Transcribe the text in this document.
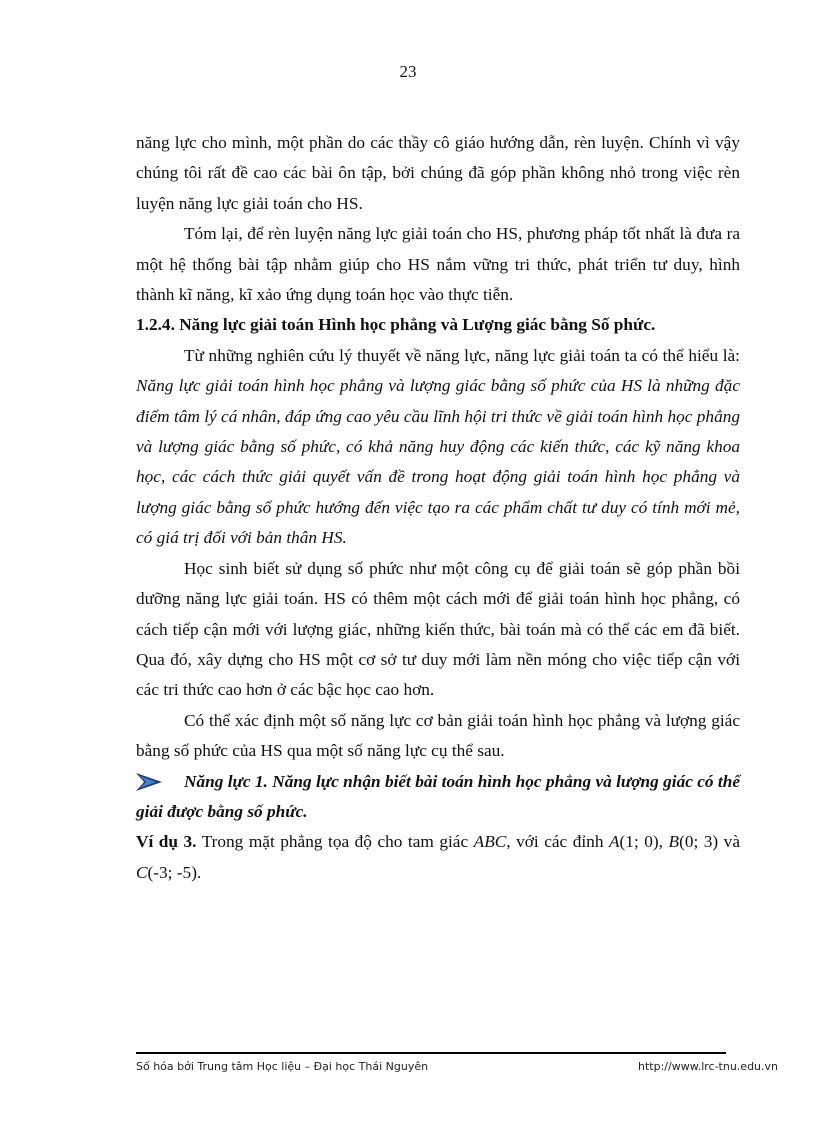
23

năng lực cho mình, một phần do các thầy cô giáo hướng dẫn, rèn luyện. Chính vì vậy chúng tôi rất đề cao các bài ôn tập, bởi chúng đã góp phần không nhỏ trong việc rèn luyện năng lực giải toán cho HS.

Tóm lại, để rèn luyện năng lực giải toán cho HS, phương pháp tốt nhất là đưa ra một hệ thống bài tập nhằm giúp cho HS nắm vững tri thức, phát triển tư duy, hình thành kĩ năng, kĩ xảo ứng dụng toán học vào thực tiễn.

1.2.4. Năng lực giải toán Hình học phẳng và Lượng giác bằng Số phức.

Từ những nghiên cứu lý thuyết về năng lực, năng lực giải toán ta có thể hiểu là: Năng lực giải toán hình học phẳng và lượng giác bằng số phức của HS là những đặc điểm tâm lý cá nhân, đáp ứng cao yêu cầu lĩnh hội tri thức về giải toán hình học phẳng và lượng giác bằng số phức, có khả năng huy động các kiến thức, các kỹ năng khoa học, các cách thức giải quyết vấn đề trong hoạt động giải toán hình học phẳng và lượng giác bằng số phức hướng đến việc tạo ra các phẩm chất tư duy có tính mới mẻ, có giá trị đối với bản thân HS.

Học sinh biết sử dụng số phức như một công cụ để giải toán sẽ góp phần bồi dưỡng năng lực giải toán. HS có thêm một cách mới để giải toán hình học phẳng, có cách tiếp cận mới với lượng giác, những kiến thức, bài toán mà có thể các em đã biết. Qua đó, xây dựng cho HS một cơ sở tư duy mới làm nền móng cho việc tiếp cận với các tri thức cao hơn ở các bậc học cao hơn.

Có thể xác định một số năng lực cơ bản giải toán hình học phẳng và lượng giác bằng số phức của HS qua một số năng lực cụ thể sau.

Năng lực 1. Năng lực nhận biết bài toán hình học phẳng và lượng giác có thể giải được bằng số phức.

Ví dụ 3. Trong mặt phẳng tọa độ cho tam giác ABC, với các đỉnh A(1; 0), B(0; 3) và C(-3; -5).

Số hóa bởi Trung tâm Học liệu – Đại học Thái Nguyên	http://www.lrc-tnu.edu.vn
